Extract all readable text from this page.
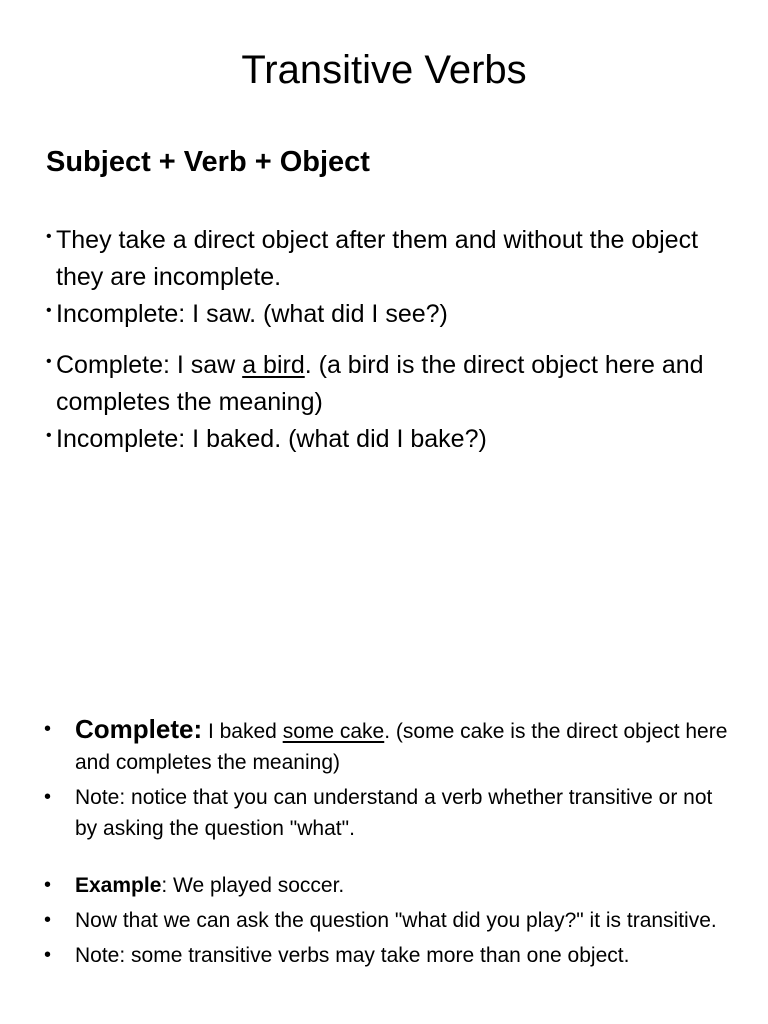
Transitive Verbs
Subject + Verb + Object
• They take a direct object after them and without the object they are incomplete.
• Incomplete: I saw. (what did I see?)
• Complete: I saw a bird. (a bird is the direct object here and completes the meaning)
• Incomplete: I baked. (what did I bake?)
• Complete: I baked some cake. (some cake is the direct object here and completes the meaning)
• Note: notice that you can understand a verb whether transitive or not by asking the question "what".
• Example: We played soccer.
• Now that we can ask the question "what did you play?" it is transitive.
• Note: some transitive verbs may take more than one object.
